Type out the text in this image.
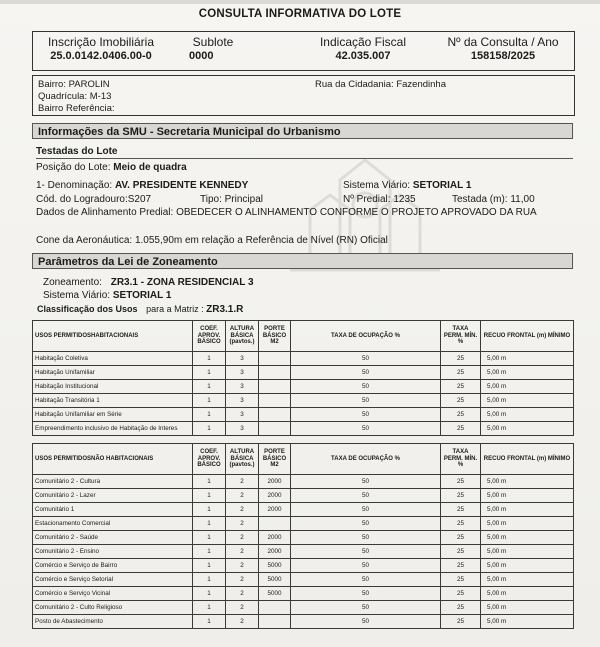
CONSULTA INFORMATIVA DO LOTE
Inscrição Imobiliária
25.0.0142.0406.00-0
Sublote
0000
Indicação Fiscal
42.035.007
Nº da Consulta / Ano
158158/2025
Bairro: PAROLIN	Rua da Cidadania: Fazendinha
Quadrícula: M-13
Bairro Referência:
Informações da SMU - Secretaria Municipal do Urbanismo
Testadas do Lote
Posição do Lote: Meio de quadra
1- Denominação: AV. PRESIDENTE KENNEDY	Sistema Viário: SETORIAL 1
Cód. do Logradouro:S207	Tipo: Principal	Nº Predial: 1235	Testada (m): 11,00
Dados de Alinhamento Predial: OBEDECER O ALINHAMENTO CONFORME O PROJETO APROVADO DA RUA
Cone da Aeronáutica: 1.055,90m em relação a Referência de Nível (RN) Oficial
Parâmetros da Lei de Zoneamento
Zoneamento: ZR3.1 - ZONA RESIDENCIAL 3
Sistema Viário: SETORIAL 1
Classificação dos Usos para a Matriz : ZR3.1.R
USOS PERMITIDOSHABITACIONAIS	COEF. APROV. BÁSICO	ALTURA BÁSICA (pavtos.)	PORTE BÁSICO M2	TAXA DE OCUPAÇÃO %	TAXA PERM. MÍN. %	RECUO FRONTAL (m) MÍNIMO
Habitação Coletiva	1	3		50	25	5,00 m
Habitação Unifamiliar	1	3		50	25	5,00 m
Habitação Institucional	1	3		50	25	5,00 m
Habitação Transitória 1	1	3		50	25	5,00 m
Habitação Unifamiliar em Série	1	3		50	25	5,00 m
Empreendimento inclusivo de Habitação de Interes	1	3		50	25	5,00 m
USOS PERMITIDOSNÃO HABITACIONAIS	COEF. APROV. BÁSICO	ALTURA BÁSICA (pavtos.)	PORTE BÁSICO M2	TAXA DE OCUPAÇÃO %	TAXA PERM. MÍN. %	RECUO FRONTAL (m) MÍNIMO
Comunitário 2 - Cultura	1	2	2000	50	25	5,00 m
Comunitário 2 - Lazer	1	2	2000	50	25	5,00 m
Comunitário 1	1	2	2000	50	25	5,00 m
Estacionamento Comercial	1	2		50	25	5,00 m
Comunitário 2 - Saúde	1	2	2000	50	25	5,00 m
Comunitário 2 - Ensino	1	2	2000	50	25	5,00 m
Comércio e Serviço de Bairro	1	2	5000	50	25	5,00 m
Comércio e Serviço Setorial	1	2	5000	50	25	5,00 m
Comércio e Serviço Vicinal	1	2	5000	50	25	5,00 m
Comunitário 2 - Culto Religioso	1	2		50	25	5,00 m
Posto de Abastecimento	1	2		50	25	5,00 m
